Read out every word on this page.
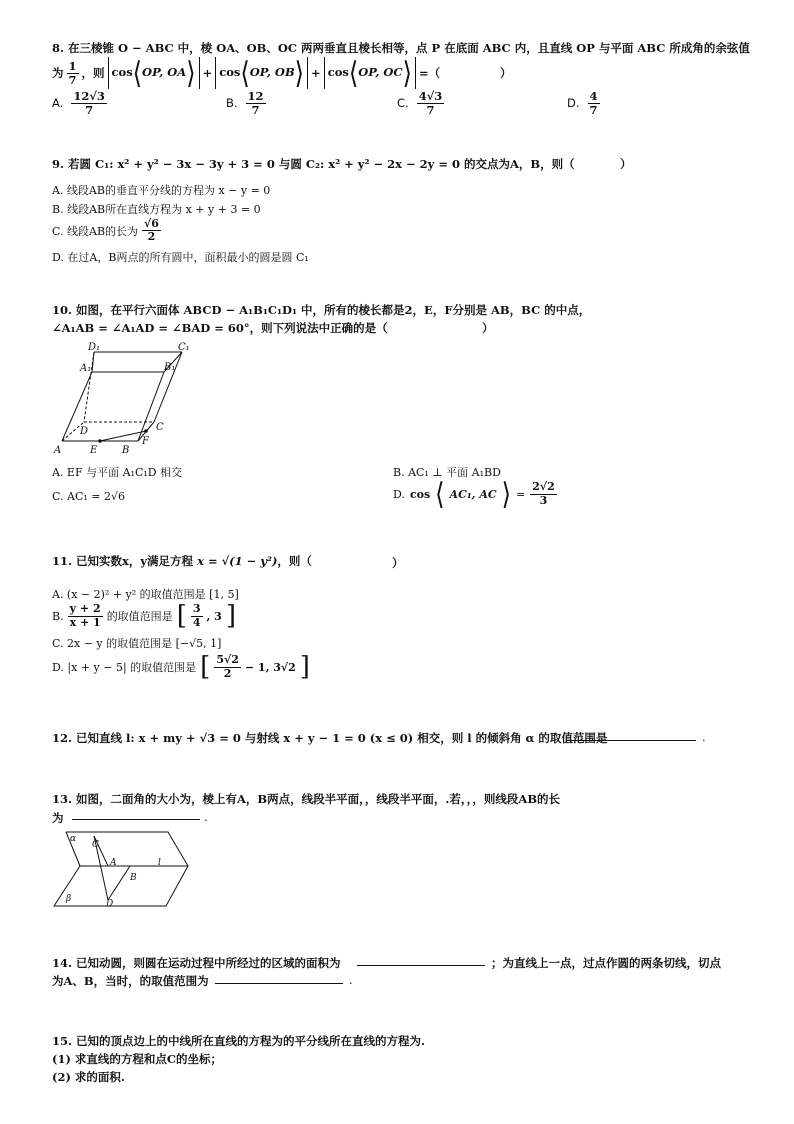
8. 在三棱锥 O − ABC 中，棱 OA、OB、OC 两两垂直且棱长相等，点 P 在底面 ABC 内，且直线 OP 与平面 ABC 所成角的余弦值
为 $\frac{1}{7}$ ，则 cos⟨OP, OA⟩ + cos⟨OP, OB⟩ + cos⟨OP, OC⟩ =（	）
A. $\frac{12√3}{7}$	B. $\frac{12}{7}$	C. $\frac{4√3}{7}$	D. $\frac{4}{7}$
9. 若圆 C₁: x² + y² − 3x − 3y + 3 = 0 与圆 C₂: x² + y² − 2x − 2y = 0 的交点为A，B，则（	）
A. 线段AB的垂直平分线的方程为 x − y = 0
B. 线段AB所在直线方程为 x + y + 3 = 0
C. 线段AB的长为 $\frac{√6}{2}$
D. 在过A，B两点的所有圆中，面积最小的圆是圆 C₁
10. 如图，在平行六面体 ABCD − A₁B₁C₁D₁ 中，所有的棱长都是2，E，F分别是 AB，BC 的中点，
∠A₁AB = ∠A₁AD = ∠BAD = 60°，则下列说法中正确的是（	）
D₁	C₁
A₁	B₁
D	C
A	E B
F
A. EF 与平面 A₁C₁D 相交	B. AC₁ ⊥ 平面 A₁BD
C. AC₁ = 2√6	D. cos ⟨ AC₁, AC ⟩ = $\frac{2√2}{3}$
11. 已知实数x，y满足方程 x = √(1 − y²)，则（	）
A. (x − 2)² + y² 的取值范围是 [1, 5]
B. $\frac{y + 2}{x + 1}$ 的取值范围是 [ $\frac{3}{4}$ , 3 ]
C. 2x − y 的取值范围是 [−√5, 1]
D. |x + y − 5| 的取值范围是 [ $\frac{5√2}{2} - 1$, 3√2 ]
12. 已知直线 l: x + my + √3 = 0 与射线 x + y − 1 = 0 (x ≤ 0) 相交，则 l 的倾斜角 α 的取值范围是	.
13. 如图，二面角的大小为，棱上有A，B两点，线段半平面，，线段半平面，.若，，，则线段AB的长
为	.
α
C
A	l
B
β	D
14. 已知动圆，则圆在运动过程中所经过的区域的面积为	；为直线上一点，过点作圆的两条切线，切点
为A、B，当时，的取值范围为	.
15. 已知的顶点边上的中线所在直线的方程为的平分线所在直线的方程为.
(1) 求直线的方程和点C的坐标；
(2) 求的面积.
